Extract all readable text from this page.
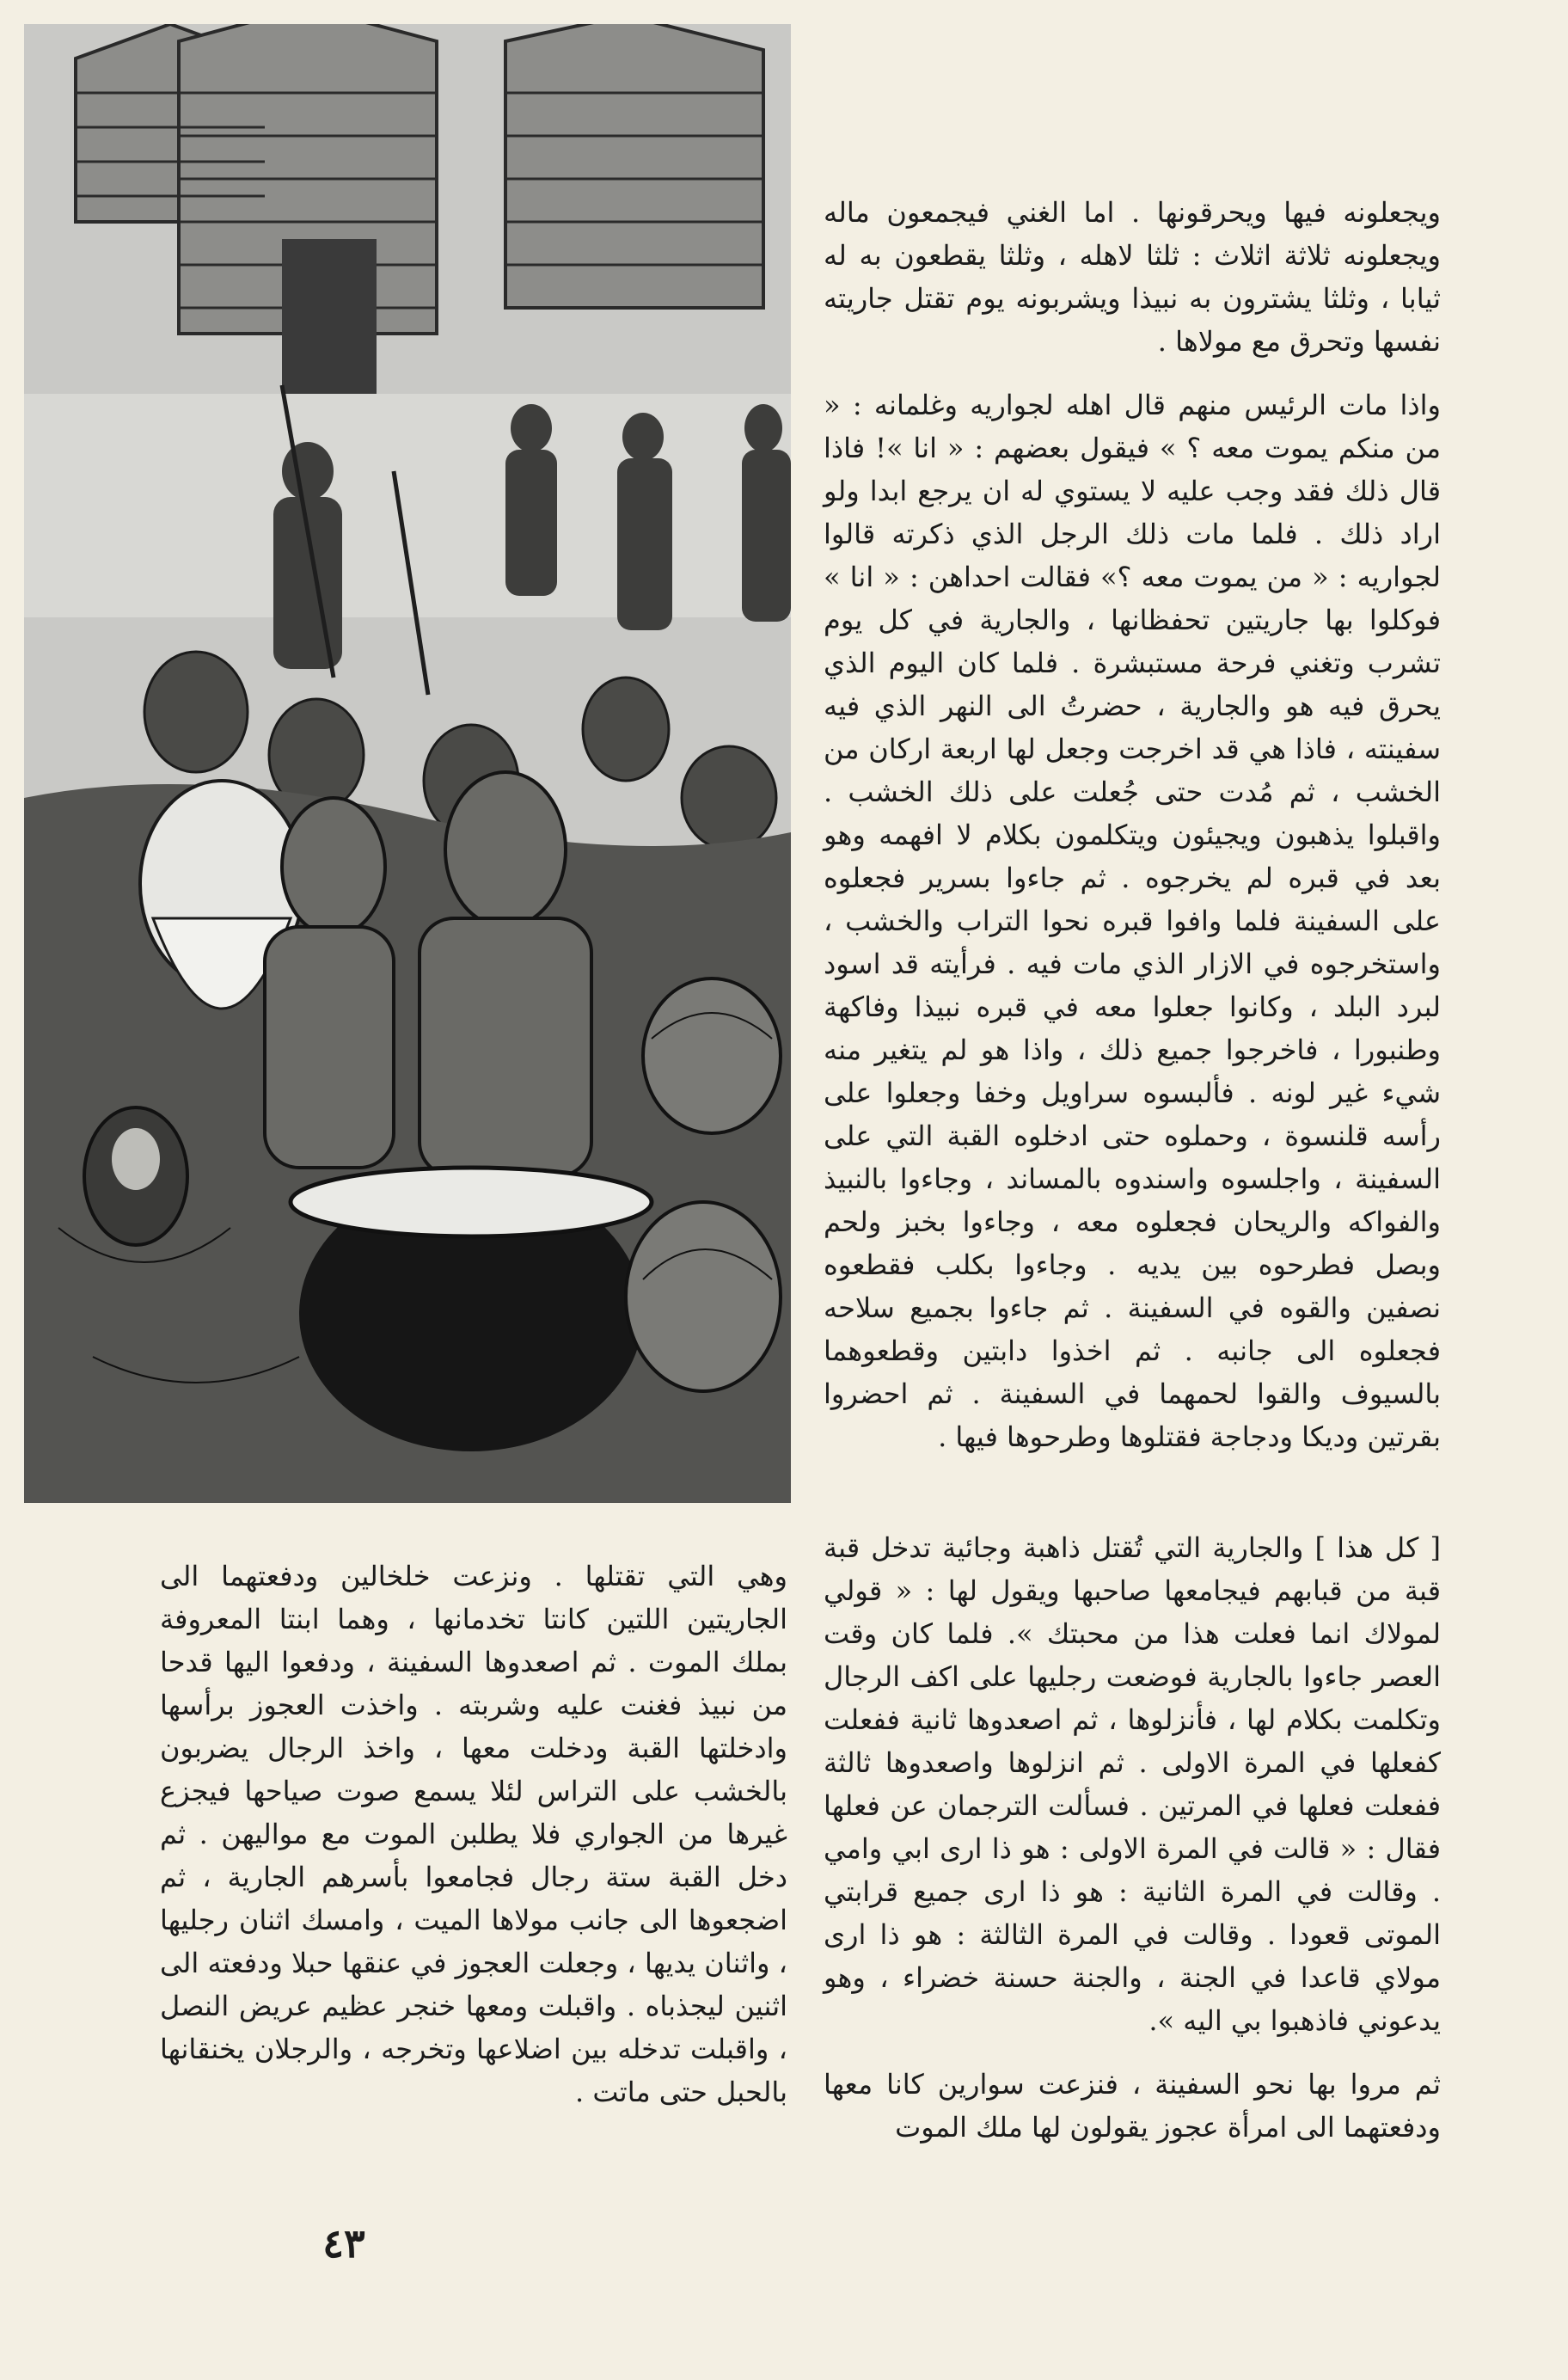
ويجعلونه فيها ويحرقونها . اما الغني فيجمعون ماله ويجعلونه ثلاثة اثلاث : ثلثا لاهله ، وثلثا يقطعون به له ثيابا ، وثلثا يشترون به نبيذا ويشربونه يوم تقتل جاريته نفسها وتحرق مع مولاها .

واذا مات الرئيس منهم قال اهله لجواريه وغلمانه : « من منكم يموت معه ؟ » فيقول بعضهم : « انا »! فاذا قال ذلك فقد وجب عليه لا يستوي له ان يرجع ابدا ولو اراد ذلك . فلما مات ذلك الرجل الذي ذكرته قالوا لجواريه : « من يموت معه ؟» فقالت احداهن : « انا » فوكلوا بها جاريتين تحفظانها ، والجارية في كل يوم تشرب وتغني فرحة مستبشرة . فلما كان اليوم الذي يحرق فيه هو والجارية ، حضرتُ الى النهر الذي فيه سفينته ، فاذا هي قد اخرجت وجعل لها اربعة اركان من الخشب ، ثم مُدت حتى جُعلت على ذلك الخشب . واقبلوا يذهبون ويجيئون ويتكلمون بكلام لا افهمه وهو بعد في قبره لم يخرجوه . ثم جاءوا بسرير فجعلوه على السفينة فلما وافوا قبره نحوا التراب والخشب ، واستخرجوه في الازار الذي مات فيه . فرأيته قد اسود لبرد البلد ، وكانوا جعلوا معه في قبره نبيذا وفاكهة وطنبورا ، فاخرجوا جميع ذلك ، واذا هو لم يتغير منه شيء غير لونه . فألبسوه سراويل وخفا وجعلوا على رأسه قلنسوة ، وحملوه حتى ادخلوه القبة التي على السفينة ، واجلسوه واسندوه بالمساند ، وجاءوا بالنبيذ والفواكه والريحان فجعلوه معه ، وجاءوا بخبز ولحم وبصل فطرحوه بين يديه . وجاءوا بكلب فقطعوه نصفين والقوه في السفينة . ثم جاءوا بجميع سلاحه فجعلوه الى جانبه . ثم اخذوا دابتين وقطعوهما بالسيوف والقوا لحمهما في السفينة . ثم احضروا بقرتين وديكا ودجاجة فقتلوها وطرحوها فيها .

[ كل هذا ] والجارية التي تُقتل ذاهبة وجائية تدخل قبة قبة من قبابهم فيجامعها صاحبها ويقول لها : « قولي لمولاك انما فعلت هذا من محبتك ». فلما كان وقت العصر جاءوا بالجارية فوضعت رجليها على اكف الرجال وتكلمت بكلام لها ، فأنزلوها ، ثم اصعدوها ثانية ففعلت كفعلها في المرة الاولى . ثم انزلوها واصعدوها ثالثة ففعلت فعلها في المرتين . فسألت الترجمان عن فعلها فقال : « قالت في المرة الاولى : هو ذا ارى ابي وامي . وقالت في المرة الثانية : هو ذا ارى جميع قرابتي الموتى قعودا . وقالت في المرة الثالثة : هو ذا ارى مولاي قاعدا في الجنة ، والجنة حسنة خضراء ، وهو يدعوني فاذهبوا بي اليه ».

ثم مروا بها نحو السفينة ، فنزعت سوارين كانا معها ودفعتهما الى امرأة عجوز يقولون لها ملك الموت

وهي التي تقتلها . ونزعت خلخالين ودفعتهما الى الجاريتين اللتين كانتا تخدمانها ، وهما ابنتا المعروفة بملك الموت . ثم اصعدوها السفينة ، ودفعوا اليها قدحا من نبيذ فغنت عليه وشربته . واخذت العجوز برأسها وادخلتها القبة ودخلت معها ، واخذ الرجال يضربون بالخشب على التراس لئلا يسمع صوت صياحها فيجزع غيرها من الجواري فلا يطلبن الموت مع مواليهن . ثم دخل القبة ستة رجال فجامعوا بأسرهم الجارية ، ثم اضجعوها الى جانب مولاها الميت ، وامسك اثنان رجليها ، واثنان يديها ، وجعلت العجوز في عنقها حبلا ودفعته الى اثنين ليجذباه . واقبلت ومعها خنجر عظيم عريض النصل ، واقبلت تدخله بين اضلاعها وتخرجه ، والرجلان يخنقانها بالحبل حتى ماتت .

٤٣
